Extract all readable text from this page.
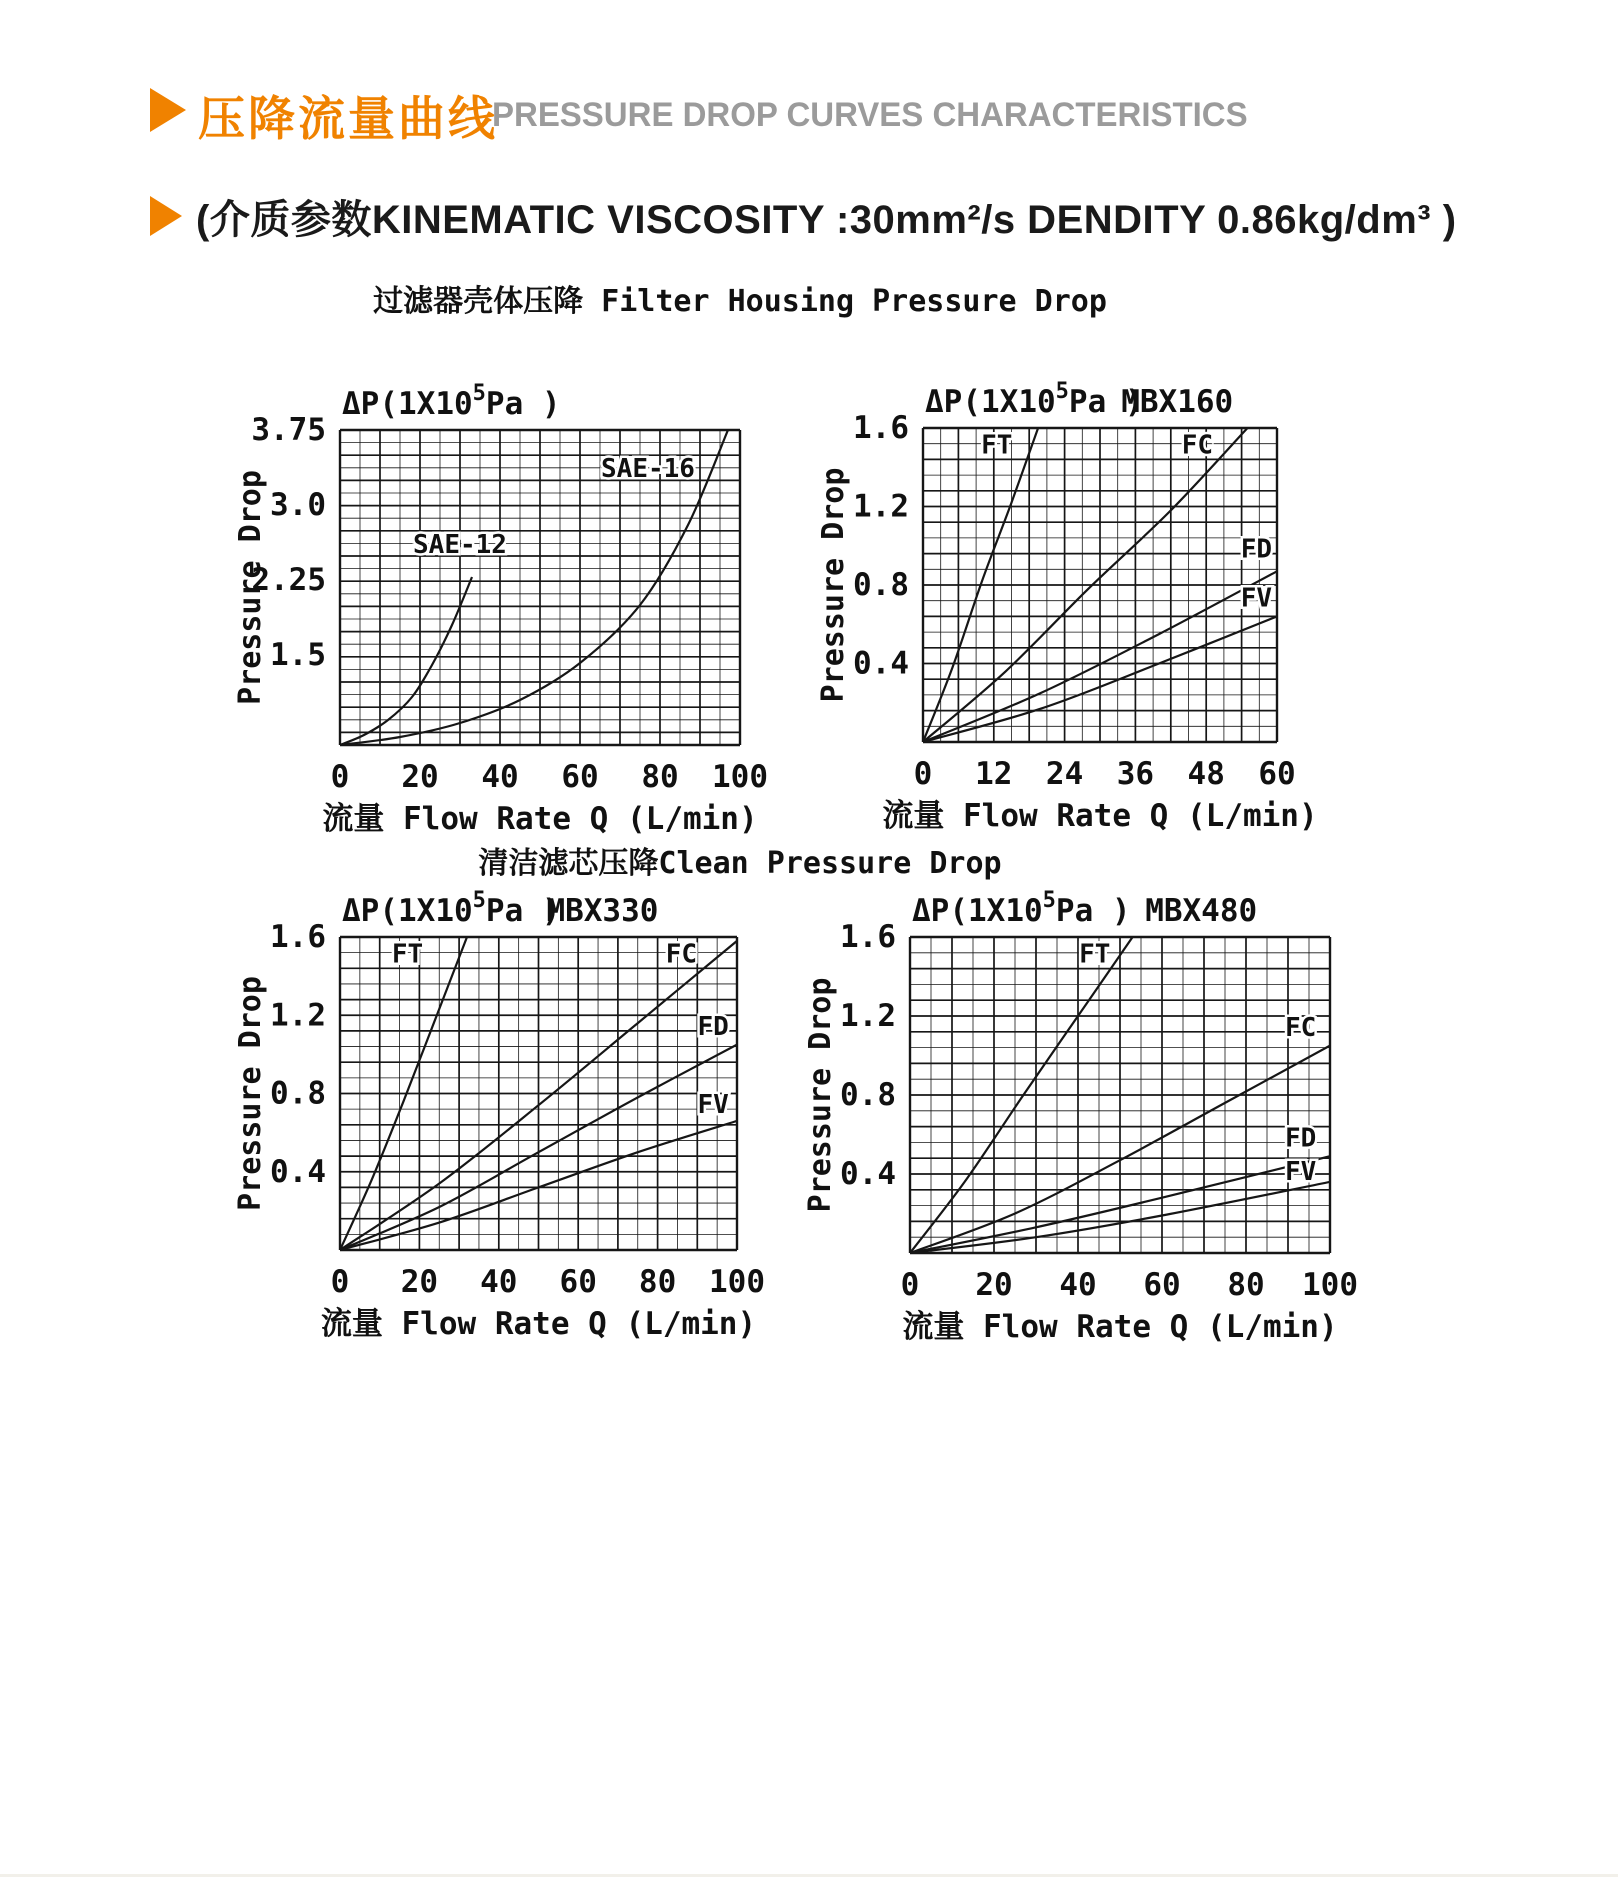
压降流量曲线
PRESSURE DROP CURVES CHARACTERISTICS
(介质参数KINEMATIC VISCOSITY :30mm²/s DENDITY 0.86kg/dm³ )
过滤器壳体压降 Filter Housing Pressure Drop
清洁滤芯压降Clean Pressure Drop
$\Delta P(1X10^5Pa$ )
3.75
3.0
2.25
1.5
0 20 40 60 80 100
Pressure Drop
流量 Flow Rate Q (L/min)
SAE-12
SAE-16
$\Delta P(1X10^5Pa$ )
MBX160
1.6
1.2
0.8
0.4
0 12 24 36 48 60
Pressure Drop
流量 Flow Rate Q (L/min)
FT	FC
FD
FV
$\Delta P(1X10^5Pa$ )
MBX330
1.6
1.2
0.8
0.4
0 20 40 60 80 100
Pressure Drop
流量 Flow Rate Q (L/min)
FT	FC
FD
FV
$\Delta P(1X10^5Pa$ ) MBX480
1.6
1.2
0.8
0.4
0 20 40 60 80 100
Pressure Drop
流量 Flow Rate Q (L/min)
FT
FC
FD
FV
